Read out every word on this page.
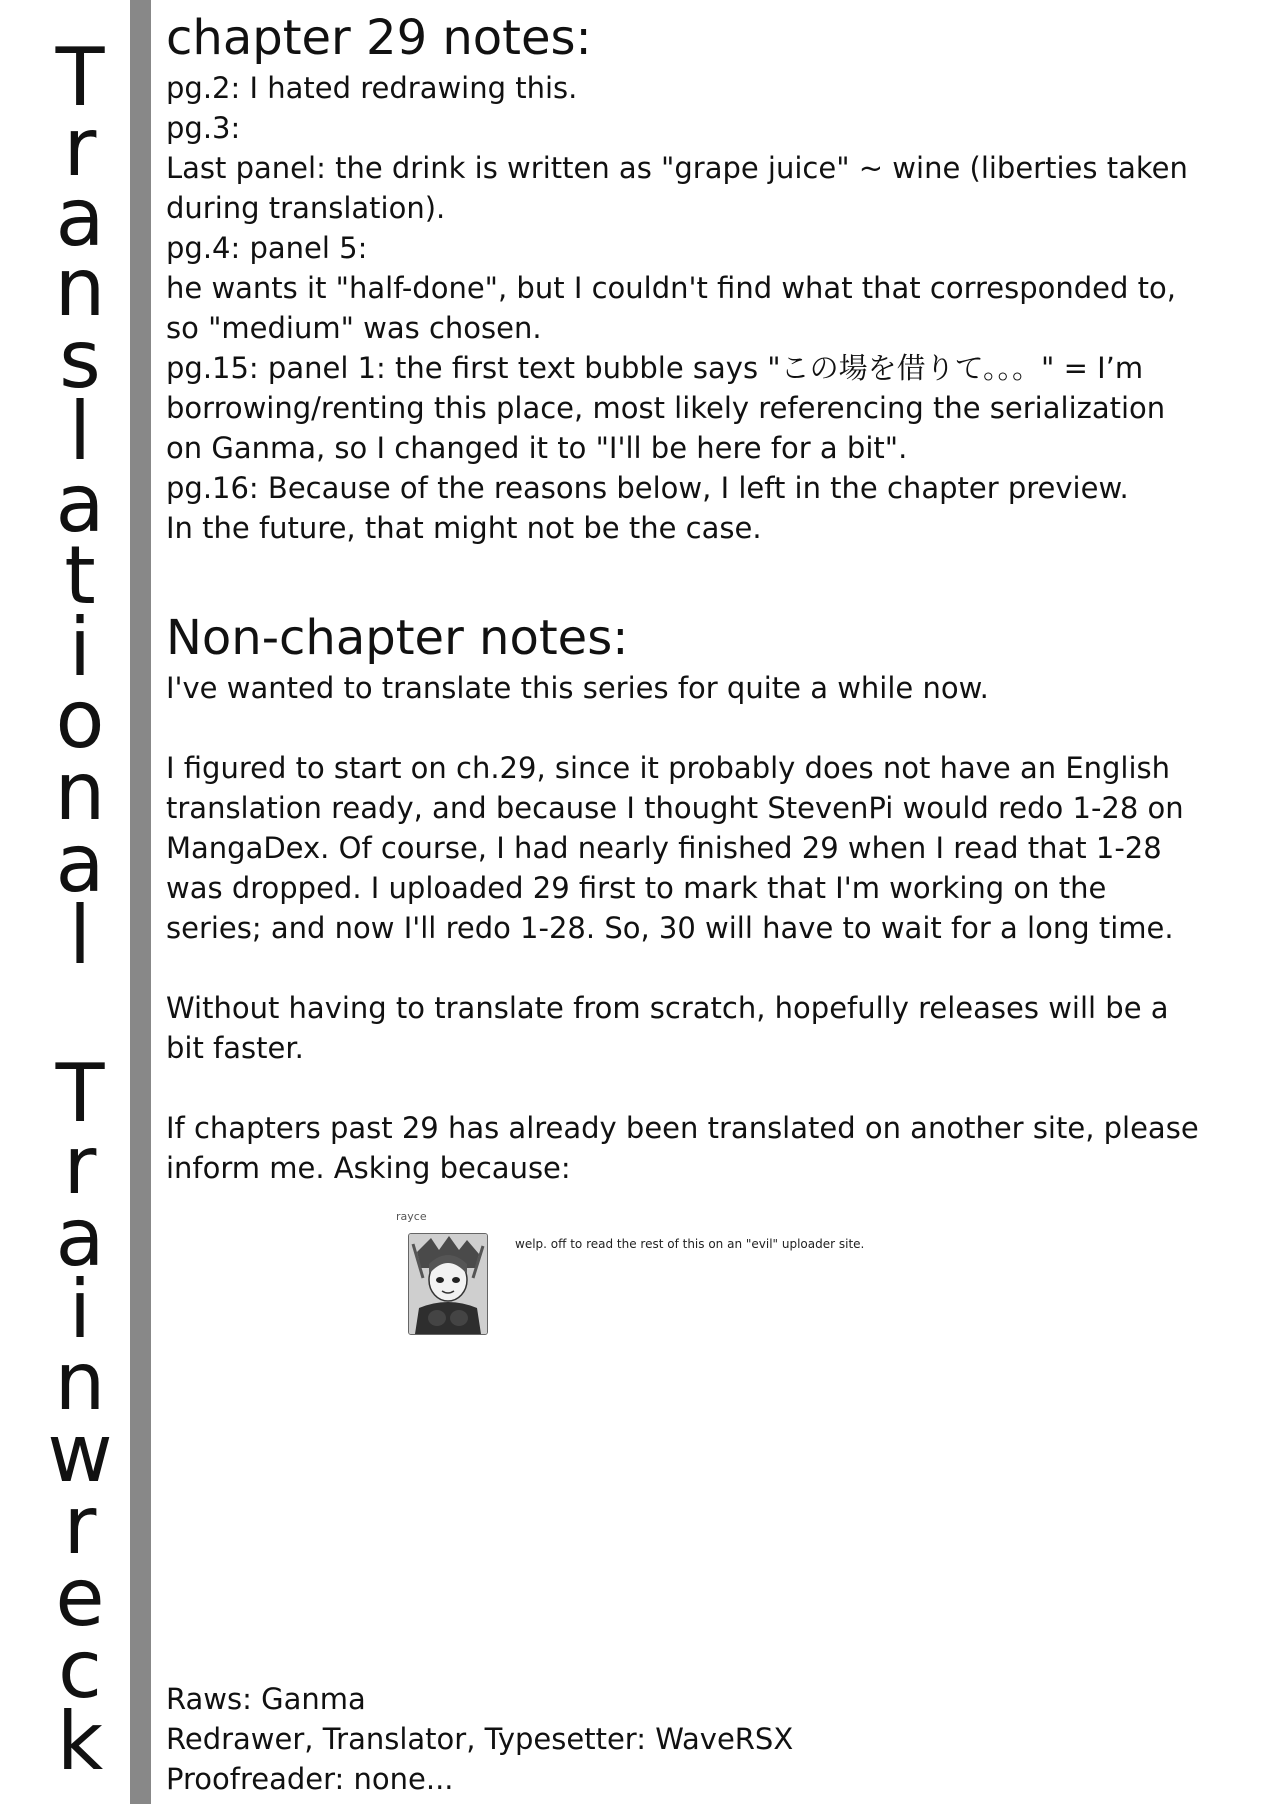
T
r
a
n
s
l
a
t
i
o
n
a
l
T
r
a
i
n
w
r
e
c
k
chapter 29 notes:

pg.2: I hated redrawing this.

pg.3:

Last panel: the drink is written as "grape juice" ~ wine (liberties taken

during translation).

pg.4: panel 5:

he wants it "half-done", but I couldn't find what that corresponded to,

so "medium" was chosen.

pg.15: panel 1: the first text bubble says "この場を借りて。。。" = I’m

borrowing/renting this place, most likely referencing the serialization

on Ganma, so I changed it to "I'll be here for a bit".

pg.16: Because of the reasons below, I left in the chapter preview.

In the future, that might not be the case.

Non-chapter notes:

I've wanted to translate this series for quite a while now.

I figured to start on ch.29, since it probably does not have an English

translation ready, and because I thought StevenPi would redo 1-28 on

MangaDex. Of course, I had nearly finished 29 when I read that 1-28

was dropped. I uploaded 29 first to mark that I'm working on the

series; and now I'll redo 1-28. So, 30 will have to wait for a long time.

Without having to translate from scratch, hopefully releases will be a

bit faster.

If chapters past 29 has already been translated on another site, please

inform me. Asking because:

rayce
welp. off to read the rest of this on an "evil" uploader site.

Raws: Ganma

Redrawer, Translator, Typesetter: WaveRSX

Proofreader: none...
